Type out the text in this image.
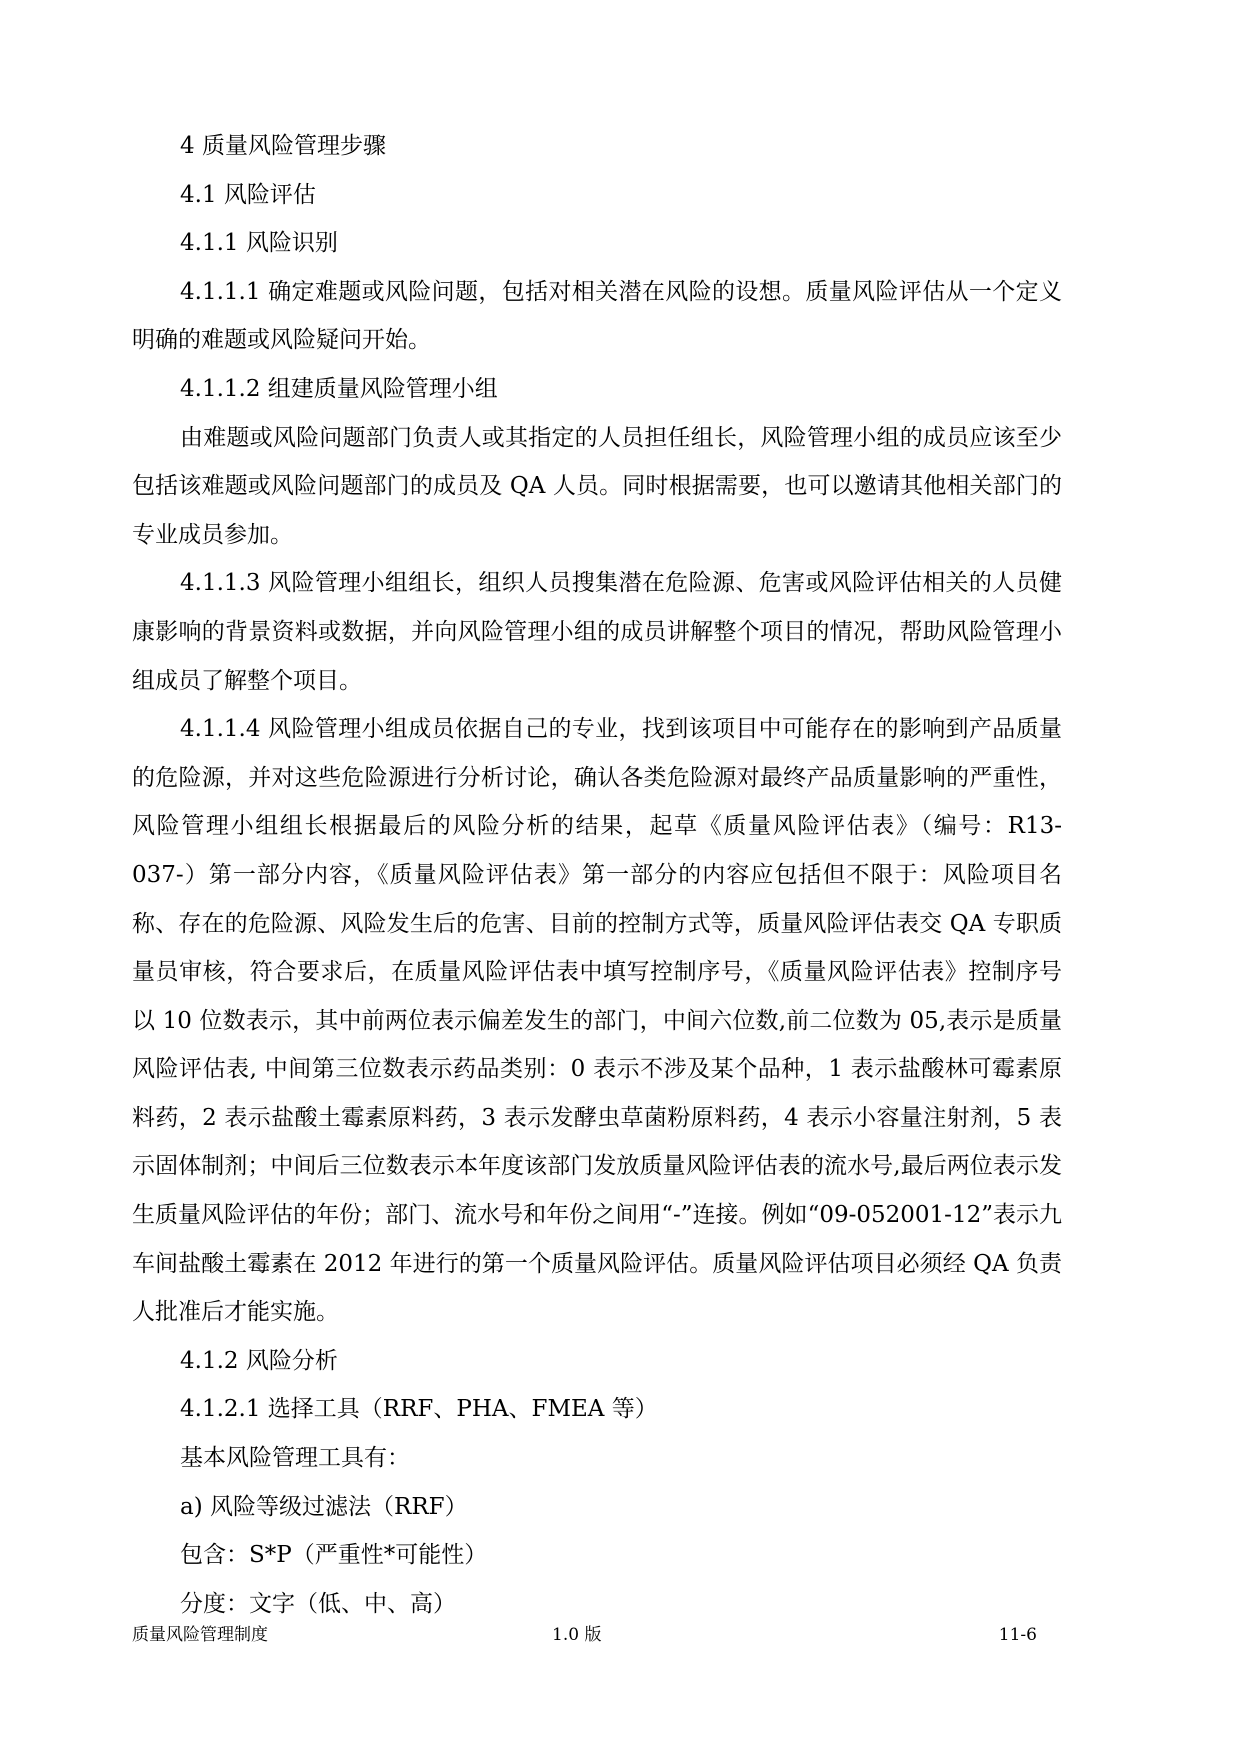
4 质量风险管理步骤

4.1 风险评估

4.1.1 风险识别

4.1.1.1 确定难题或风险问题，包括对相关潜在风险的设想。质量风险评估从一个定义明确的难题或风险疑问开始。

4.1.1.2 组建质量风险管理小组

由难题或风险问题部门负责人或其指定的人员担任组长，风险管理小组的成员应该至少包括该难题或风险问题部门的成员及 QA 人员。同时根据需要，也可以邀请其他相关部门的专业成员参加。

4.1.1.3 风险管理小组组长，组织人员搜集潜在危险源、危害或风险评估相关的人员健康影响的背景资料或数据，并向风险管理小组的成员讲解整个项目的情况，帮助风险管理小组成员了解整个项目。

4.1.1.4 风险管理小组成员依据自己的专业，找到该项目中可能存在的影响到产品质量的危险源，并对这些危险源进行分析讨论，确认各类危险源对最终产品质量影响的严重性，风险管理小组组长根据最后的风险分析的结果，起草《质量风险评估表》（编号：R13-037-）第一部分内容，《质量风险评估表》第一部分的内容应包括但不限于：风险项目名称、存在的危险源、风险发生后的危害、目前的控制方式等，质量风险评估表交 QA 专职质量员审核，符合要求后，在质量风险评估表中填写控制序号，《质量风险评估表》控制序号以 10 位数表示，其中前两位表示偏差发生的部门，中间六位数,前二位数为 05,表示是质量风险评估表, 中间第三位数表示药品类别：0 表示不涉及某个品种，1 表示盐酸林可霉素原料药，2 表示盐酸土霉素原料药，3 表示发酵虫草菌粉原料药，4 表示小容量注射剂，5 表示固体制剂；中间后三位数表示本年度该部门发放质量风险评估表的流水号,最后两位表示发生质量风险评估的年份；部门、流水号和年份之间用“-”连接。例如“09-052001-12”表示九车间盐酸土霉素在 2012 年进行的第一个质量风险评估。质量风险评估项目必须经 QA 负责人批准后才能实施。

4.1.2 风险分析

4.1.2.1 选择工具（RRF、PHA、FMEA 等）

基本风险管理工具有：

a) 风险等级过滤法（RRF）

包含：S*P（严重性*可能性）

分度：文字（低、中、高）

质量风险管理制度	1.0 版	11-6
